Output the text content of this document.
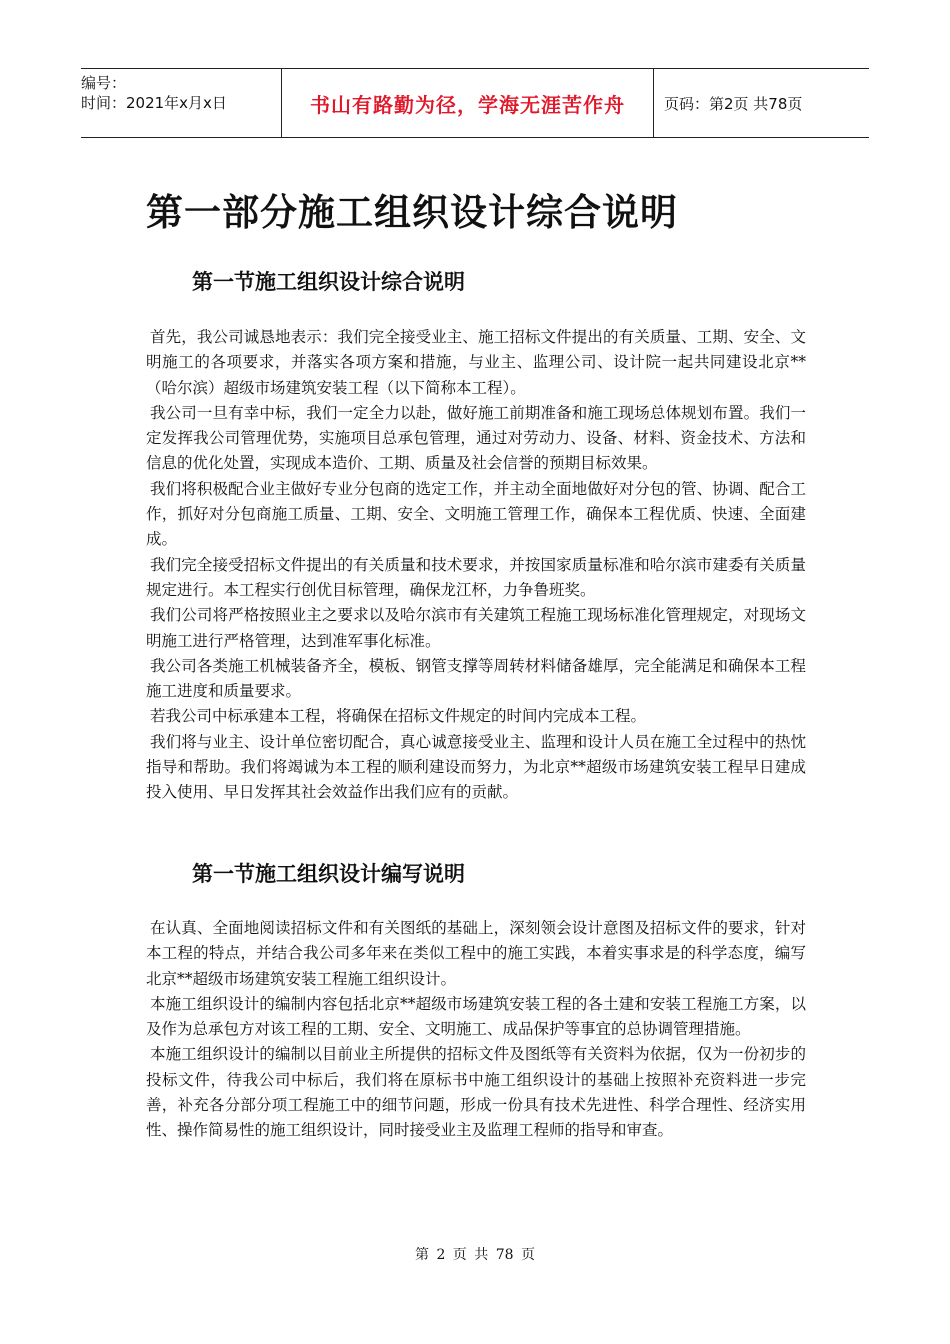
编号：
时间：2021年x月x日	书山有路勤为径，学海无涯苦作舟	页码：第2页 共78页
第一部分施工组织设计综合说明
第一节施工组织设计综合说明

首先，我公司诚恳地表示：我们完全接受业主、施工招标文件提出的有关质量、工期、安全、文明施工的各项要求，并落实各项方案和措施，与业主、监理公司、设计院一起共同建设北京**（哈尔滨）超级市场建筑安装工程（以下简称本工程）。

我公司一旦有幸中标，我们一定全力以赴，做好施工前期准备和施工现场总体规划布置。我们一定发挥我公司管理优势，实施项目总承包管理，通过对劳动力、设备、材料、资金技术、方法和信息的优化处置，实现成本造价、工期、质量及社会信誉的预期目标效果。

我们将积极配合业主做好专业分包商的选定工作，并主动全面地做好对分包的管、协调、配合工作，抓好对分包商施工质量、工期、安全、文明施工管理工作，确保本工程优质、快速、全面建成。

我们完全接受招标文件提出的有关质量和技术要求，并按国家质量标准和哈尔滨市建委有关质量规定进行。本工程实行创优目标管理，确保龙江杯，力争鲁班奖。

我们公司将严格按照业主之要求以及哈尔滨市有关建筑工程施工现场标准化管理规定，对现场文明施工进行严格管理，达到准军事化标准。

我公司各类施工机械装备齐全，模板、钢管支撑等周转材料储备雄厚，完全能满足和确保本工程施工进度和质量要求。

若我公司中标承建本工程，将确保在招标文件规定的时间内完成本工程。

我们将与业主、设计单位密切配合，真心诚意接受业主、监理和设计人员在施工全过程中的热忱指导和帮助。我们将竭诚为本工程的顺利建设而努力，为北京**超级市场建筑安装工程早日建成投入使用、早日发挥其社会效益作出我们应有的贡献。

第一节施工组织设计编写说明

在认真、全面地阅读招标文件和有关图纸的基础上，深刻领会设计意图及招标文件的要求，针对本工程的特点，并结合我公司多年来在类似工程中的施工实践，本着实事求是的科学态度，编写北京**超级市场建筑安装工程施工组织设计。

本施工组织设计的编制内容包括北京**超级市场建筑安装工程的各土建和安装工程施工方案，以及作为总承包方对该工程的工期、安全、文明施工、成品保护等事宜的总协调管理措施。

本施工组织设计的编制以目前业主所提供的招标文件及图纸等有关资料为依据，仅为一份初步的投标文件，待我公司中标后，我们将在原标书中施工组织设计的基础上按照补充资料进一步完善，补充各分部分项工程施工中的细节问题，形成一份具有技术先进性、科学合理性、经济实用性、操作简易性的施工组织设计，同时接受业主及监理工程师的指导和审查。

第 2 页 共 78 页
